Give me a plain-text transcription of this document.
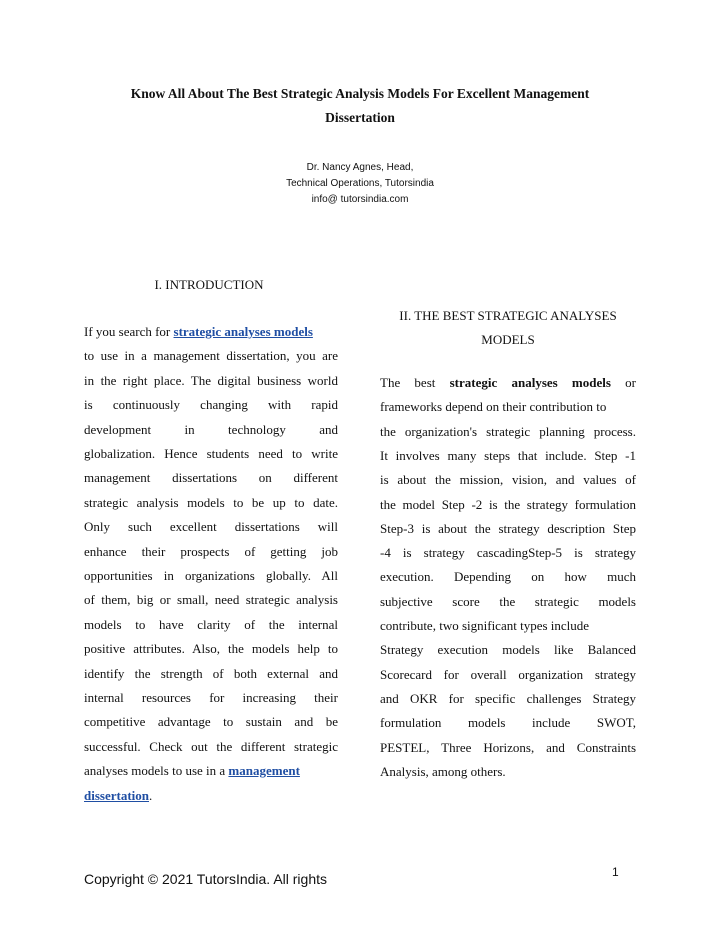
Know All About The Best Strategic Analysis Models For Excellent Management
Dissertation
Dr. Nancy Agnes, Head,
Technical Operations, Tutorsindia
info@ tutorsindia.com
I. INTRODUCTION
II. THE BEST STRATEGIC ANALYSES
MODELS
If you search for strategic analyses models
to use in a management dissertation, you are
in the right place. The digital business world
is continuously changing with rapid
development in technology and
globalization. Hence students need to write
management dissertations on different
strategic analysis models to be up to date.
Only such excellent dissertations will
enhance their prospects of getting job
opportunities in organizations globally. All
of them, big or small, need strategic analysis
models to have clarity of the internal
positive attributes. Also, the models help to
identify the strength of both external and
internal resources for increasing their
competitive advantage to sustain and be
successful. Check out the different strategic
analyses models to use in a management
dissertation.
The best strategic analyses models or
frameworks depend on their contribution to
the organization's strategic planning process.
It involves many steps that include. Step -1
is about the mission, vision, and values of
the model Step -2 is the strategy formulation
Step-3 is about the strategy description Step
-4 is strategy cascadingStep-5 is strategy
execution. Depending on how much
subjective score the strategic models
contribute, two significant types include
Strategy execution models like Balanced
Scorecard for overall organization strategy
and OKR for specific challenges Strategy
formulation models include SWOT,
PESTEL, Three Horizons, and Constraints
Analysis, among others.
Copyright © 2021 TutorsIndia. All rights	1
